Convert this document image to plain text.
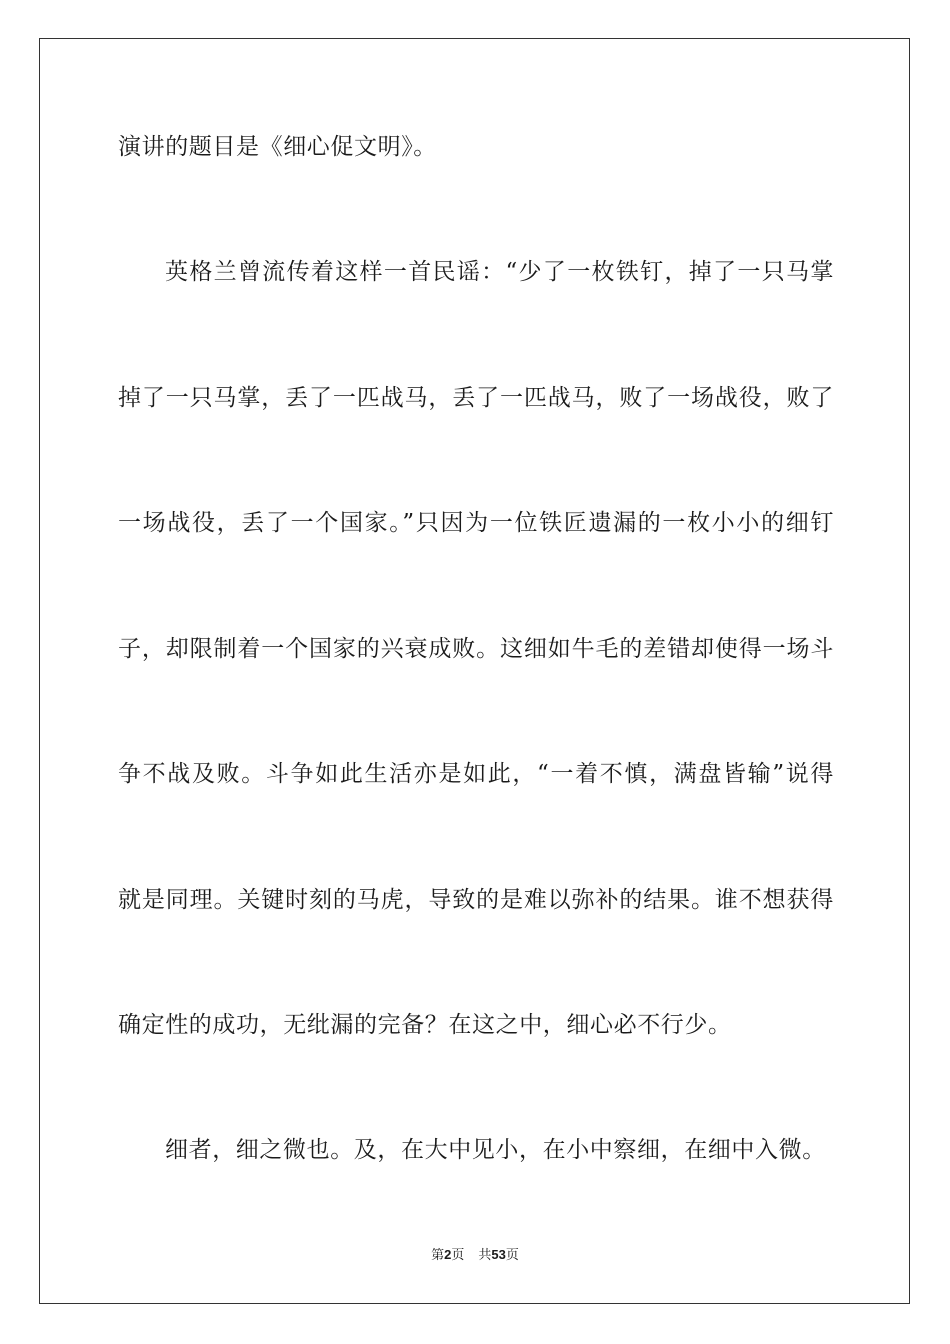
演讲的题目是《细心促文明》。
英格兰曾流传着这样一首民谣：“少了一枚铁钉，掉了一只马掌
掉了一只马掌，丢了一匹战马，丢了一匹战马，败了一场战役，败了
一场战役，丢了一个国家。”只因为一位铁匠遗漏的一枚小小的细钉
子，却限制着一个国家的兴衰成败。这细如牛毛的差错却使得一场斗
争不战及败。斗争如此生活亦是如此，“一着不慎，满盘皆输”说得
就是同理。关键时刻的马虎，导致的是难以弥补的结果。谁不想获得
确定性的成功，无纰漏的完备？在这之中，细心必不行少。
细者，细之微也。及，在大中见小，在小中察细，在细中入微。
第2页 共53页
